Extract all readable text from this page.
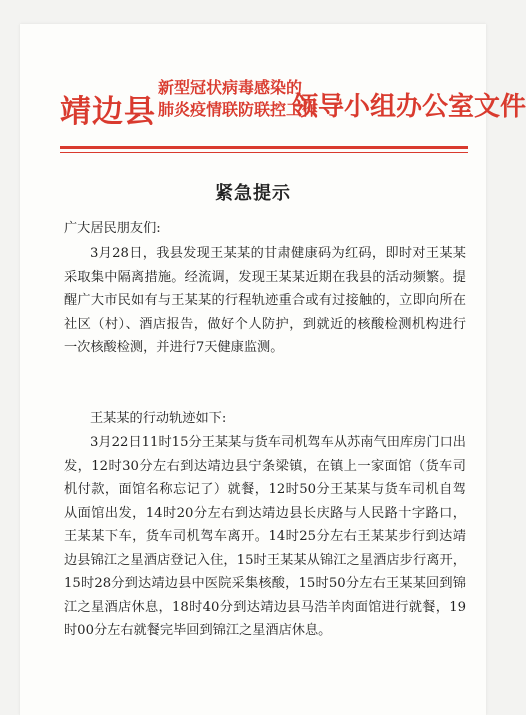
靖边县
新型冠状病毒感染的
肺炎疫情联防联控工作
领导小组办公室文件
紧急提示
广大居民朋友们:
3月28日，我县发现王某某的甘肃健康码为红码，即时对王某某采取集中隔离措施。经流调，发现王某某近期在我县的活动频繁。提醒广大市民如有与王某某的行程轨迹重合或有过接触的，立即向所在社区（村）、酒店报告，做好个人防护，到就近的核酸检测机构进行一次核酸检测，并进行7天健康监测。
王某某的行动轨迹如下:
3月22日11时15分王某某与货车司机驾车从苏南气田库房门口出发，12时30分左右到达靖边县宁条梁镇，在镇上一家面馆（货车司机付款，面馆名称忘记了）就餐，12时50分王某某与货车司机自驾从面馆出发，14时20分左右到达靖边县长庆路与人民路十字路口，王某某下车，货车司机驾车离开。14时25分左右王某某步行到达靖边县锦江之星酒店登记入住，15时王某某从锦江之星酒店步行离开，15时28分到达靖边县中医院采集核酸，15时50分左右王某某回到锦江之星酒店休息，18时40分到达靖边县马浩羊肉面馆进行就餐，19时00分左右就餐完毕回到锦江之星酒店休息。
